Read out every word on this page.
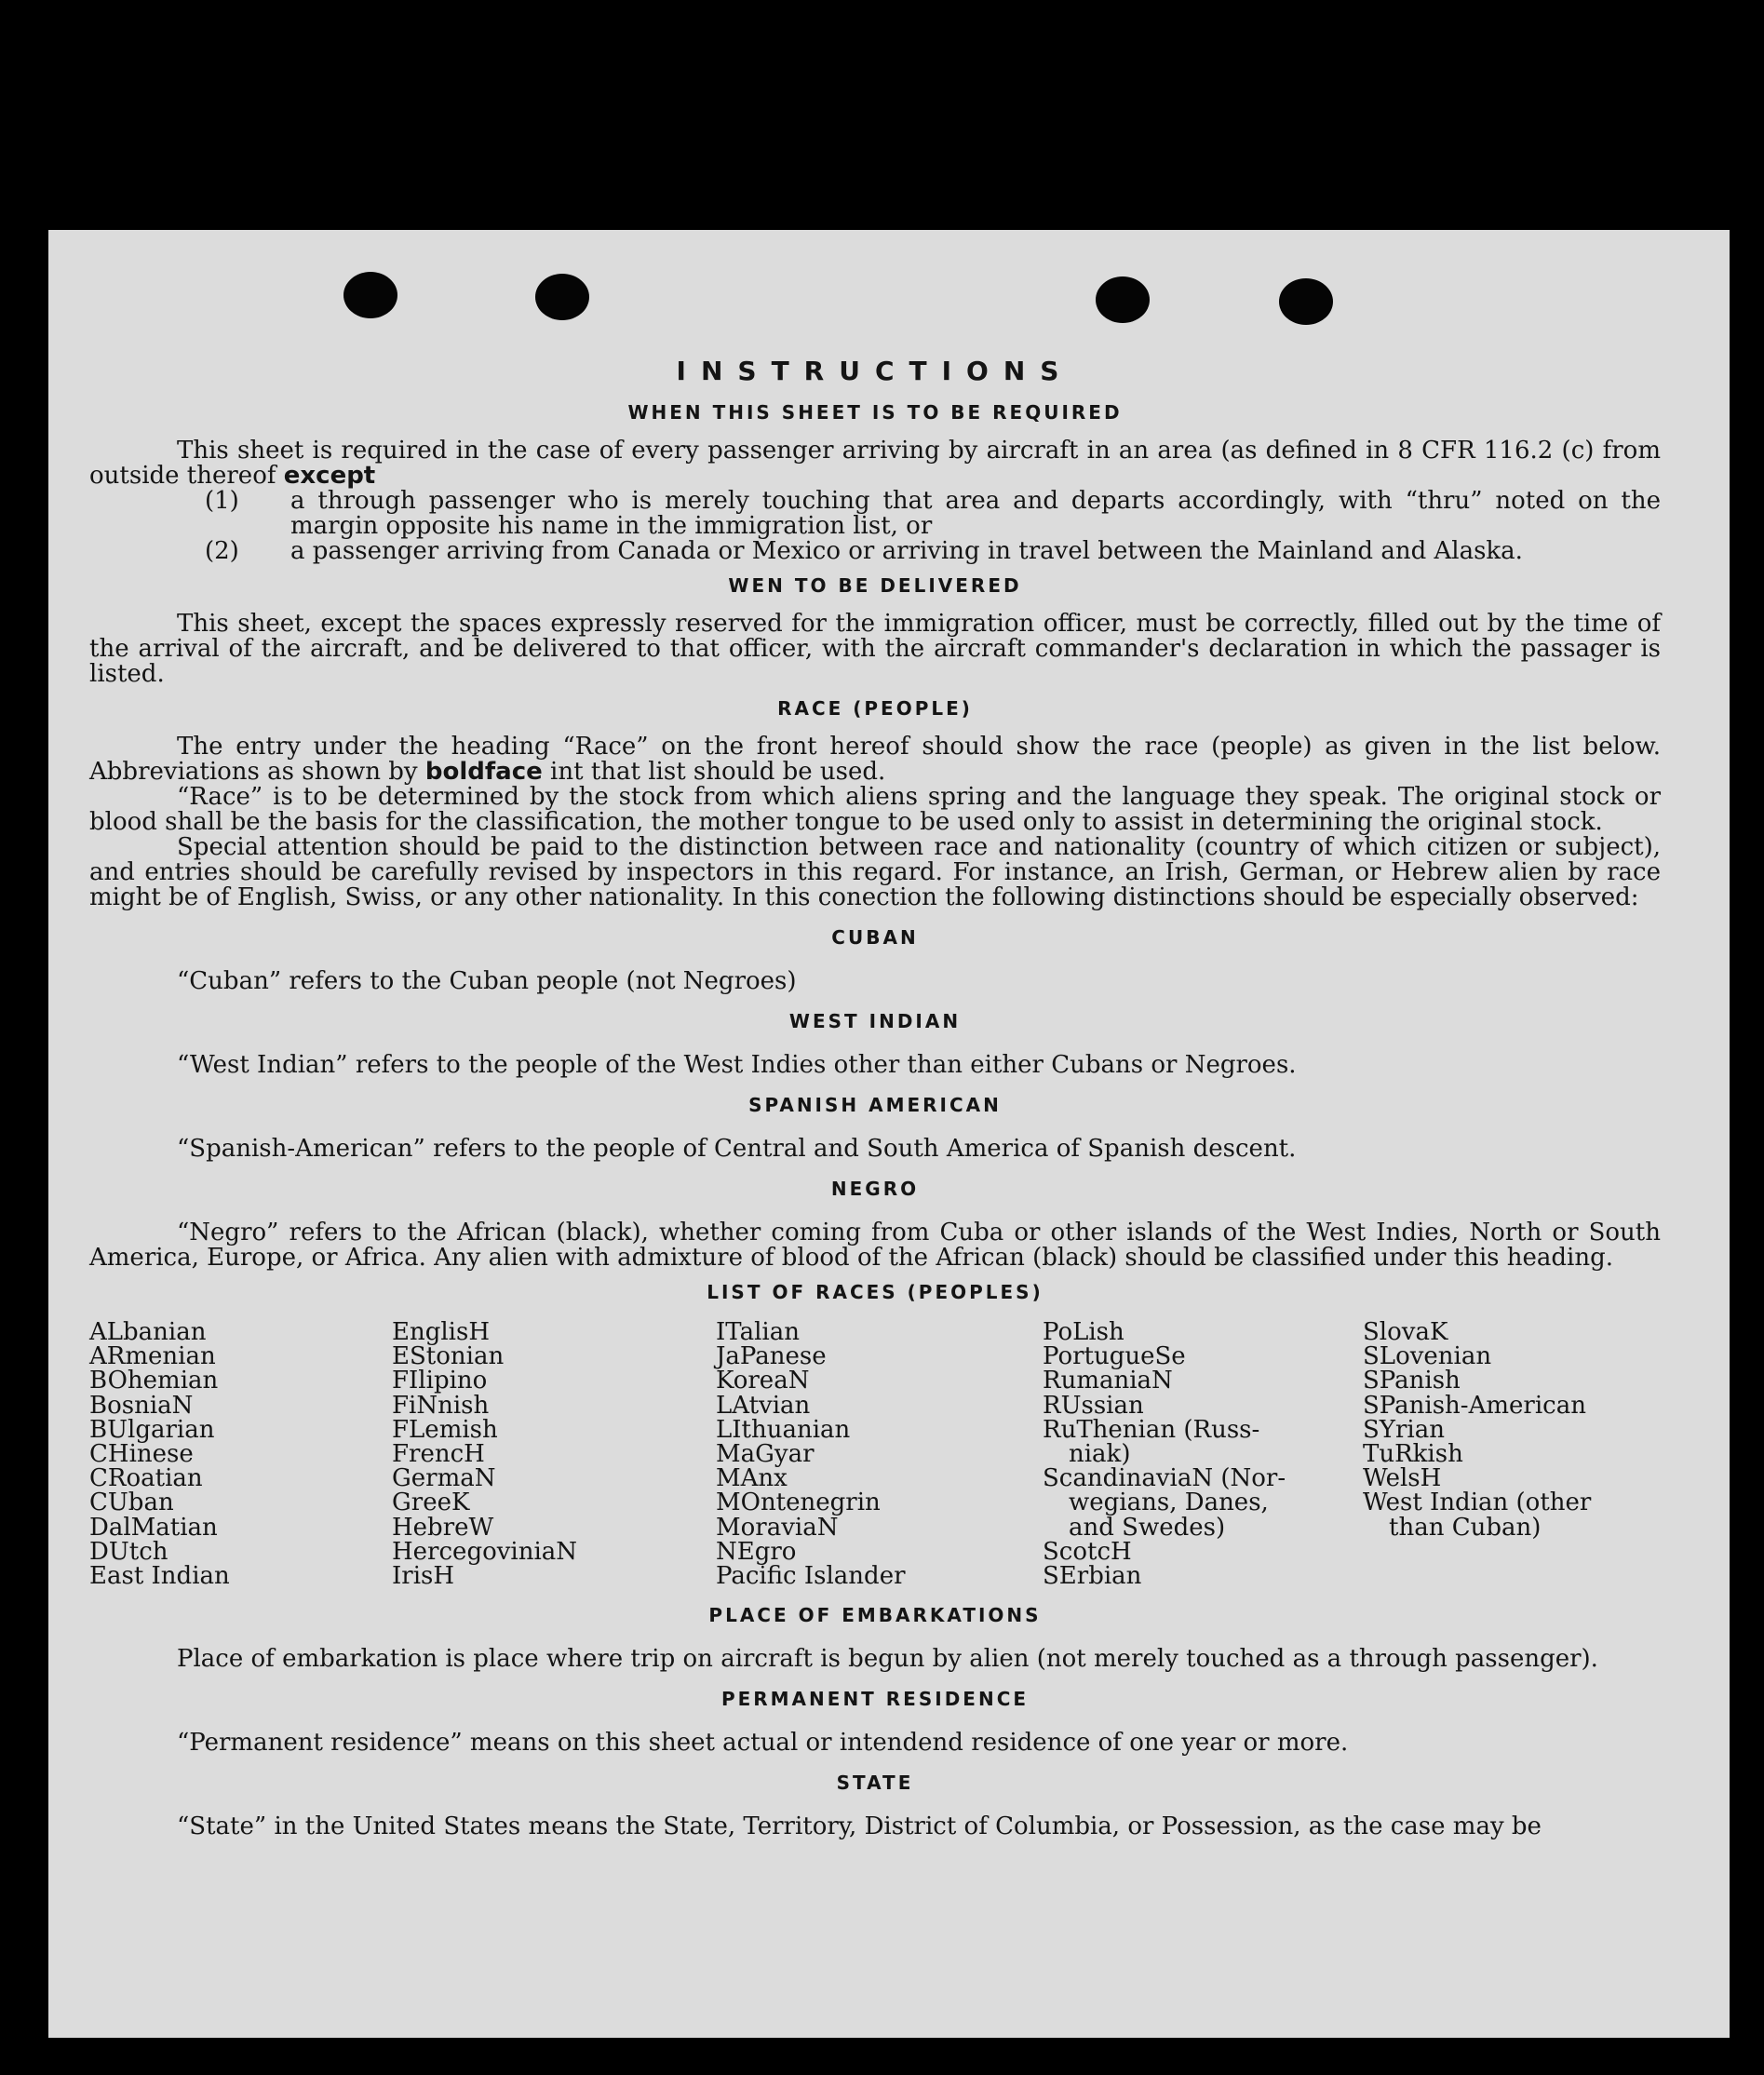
INSTRUCTIONS
WHEN THIS SHEET IS TO BE REQUIRED

This sheet is required in the case of every passenger arriving by aircraft in an area (as defined in 8 CFR 116.2 (c) from outside thereof except

(1) a through passenger who is merely touching that area and departs accordingly, with “thru” noted on the margin opposite his name in the immigration list, or
(2) a passenger arriving from Canada or Mexico or arriving in travel between the Mainland and Alaska.
WEN TO BE DELIVERED

This sheet, except the spaces expressly reserved for the immigration officer, must be correctly, filled out by the time of the arrival of the aircraft, and be delivered to that officer, with the aircraft commander's declaration in which the passager is listed.

RACE (PEOPLE)

The entry under the heading “Race” on the front hereof should show the race (people) as given in the list below. Abbreviations as shown by boldface int that list should be used.

“Race” is to be determined by the stock from which aliens spring and the language they speak. The original stock or blood shall be the basis for the classification, the mother tongue to be used only to assist in determining the original stock.

Special attention should be paid to the distinction between race and nationality (country of which citizen or subject), and entries should be carefully revised by inspectors in this regard. For instance, an Irish, German, or Hebrew alien by race might be of English, Swiss, or any other nationality. In this conection the following distinctions should be especially observed:

CUBAN

“Cuban” refers to the Cuban people (not Negroes)

WEST INDIAN

“West Indian” refers to the people of the West Indies other than either Cubans or Negroes.

SPANISH AMERICAN

“Spanish-American” refers to the people of Central and South America of Spanish descent.

NEGRO

“Negro” refers to the African (black), whether coming from Cuba or other islands of the West Indies, North or South America, Europe, or Africa. Any alien with admixture of blood of the African (black) should be classified under this heading.

LIST OF RACES (PEOPLES)
ALbanian
ARmenian
BOhemian
BosniaN
BUlgarian
CHinese
CRoatian
CUban
DalMatian
DUtch
East Indian
EnglisH
EStonian
FIlipino
FiNnish
FLemish
FrencH
GermaN
GreeK
HebreW
HercegoviniaN
IrisH
ITalian
JaPanese
KoreaN
LAtvian
LIthuanian
MaGyar
MAnx
MOntenegrin
MoraviaN
NEgro
Pacific Islander
PoLish
PortugueSe
RumaniaN
RUssian
RuThenian (Russ-
niak)
ScandinaviaN (Nor-
wegians, Danes,
and Swedes)
ScotcH
SErbian
SlovaK
SLovenian
SPanish
SPanish-American
SYrian
TuRkish
WelsH
West Indian (other
than Cuban)
PLACE OF EMBARKATIONS

Place of embarkation is place where trip on aircraft is begun by alien (not merely touched as a through passenger).

PERMANENT RESIDENCE

“Permanent residence” means on this sheet actual or intendend residence of one year or more.

STATE

“State” in the United States means the State, Territory, District of Columbia, or Possession, as the case may be
